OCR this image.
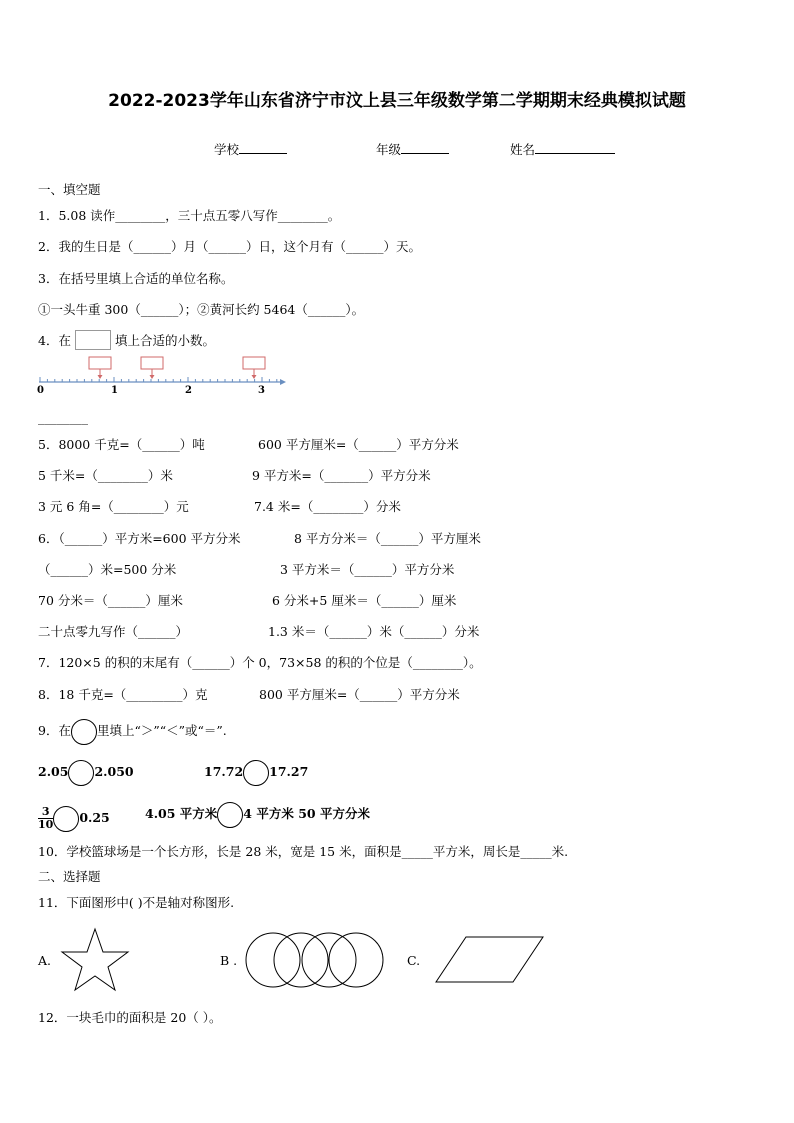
2022-2023学年山东省济宁市汶上县三年级数学第二学期期末经典模拟试题
学校	年级	姓名
一、填空题
1．5.08 读作________，三十点五零八写作________。
2．我的生日是（______）月（______）日，这个月有（______）天。
3．在括号里填上合适的单位名称。
①一头牛重 300（______）；②黄河长约 5464（______）。
4．在	填上合适的小数。
0	1	2	3
________
5．8000 千克=（______）吨	600 平方厘米=（______）平方分米
5 千米=（________）米	9 平方米=（_______）平方分米
3 元 6 角=（________）元	7.4 米=（________）分米
6．（______）平方米=600 平方分米	8 平方分米＝（______）平方厘米
（______）米=500 分米	3 平方米＝（______）平方分米
70 分米＝（______）厘米	6 分米+5 厘米＝（______）厘米
二十点零九写作（______）	1.3 米＝（______）米（______）分米
7．120×5 的积的末尾有（______）个 0，73×58 的积的个位是（________）。
8．18 千克=（_________）克	800 平方厘米=（______）平方分米
9．在 里填上“＞”“＜”或“＝”.
2.05 2.050	17.72 17.27
$\frac{3}{10} 0.25$	4.05 平方米 4 平方米 50 平方分米
10．学校篮球场是一个长方形，长是 28 米，宽是 15 米，面积是_____平方米，周长是_____米.
二、选择题
11．下面图形中( )不是轴对称图形.
A.	B .	C.
12．一块毛巾的面积是 20（ ）。
